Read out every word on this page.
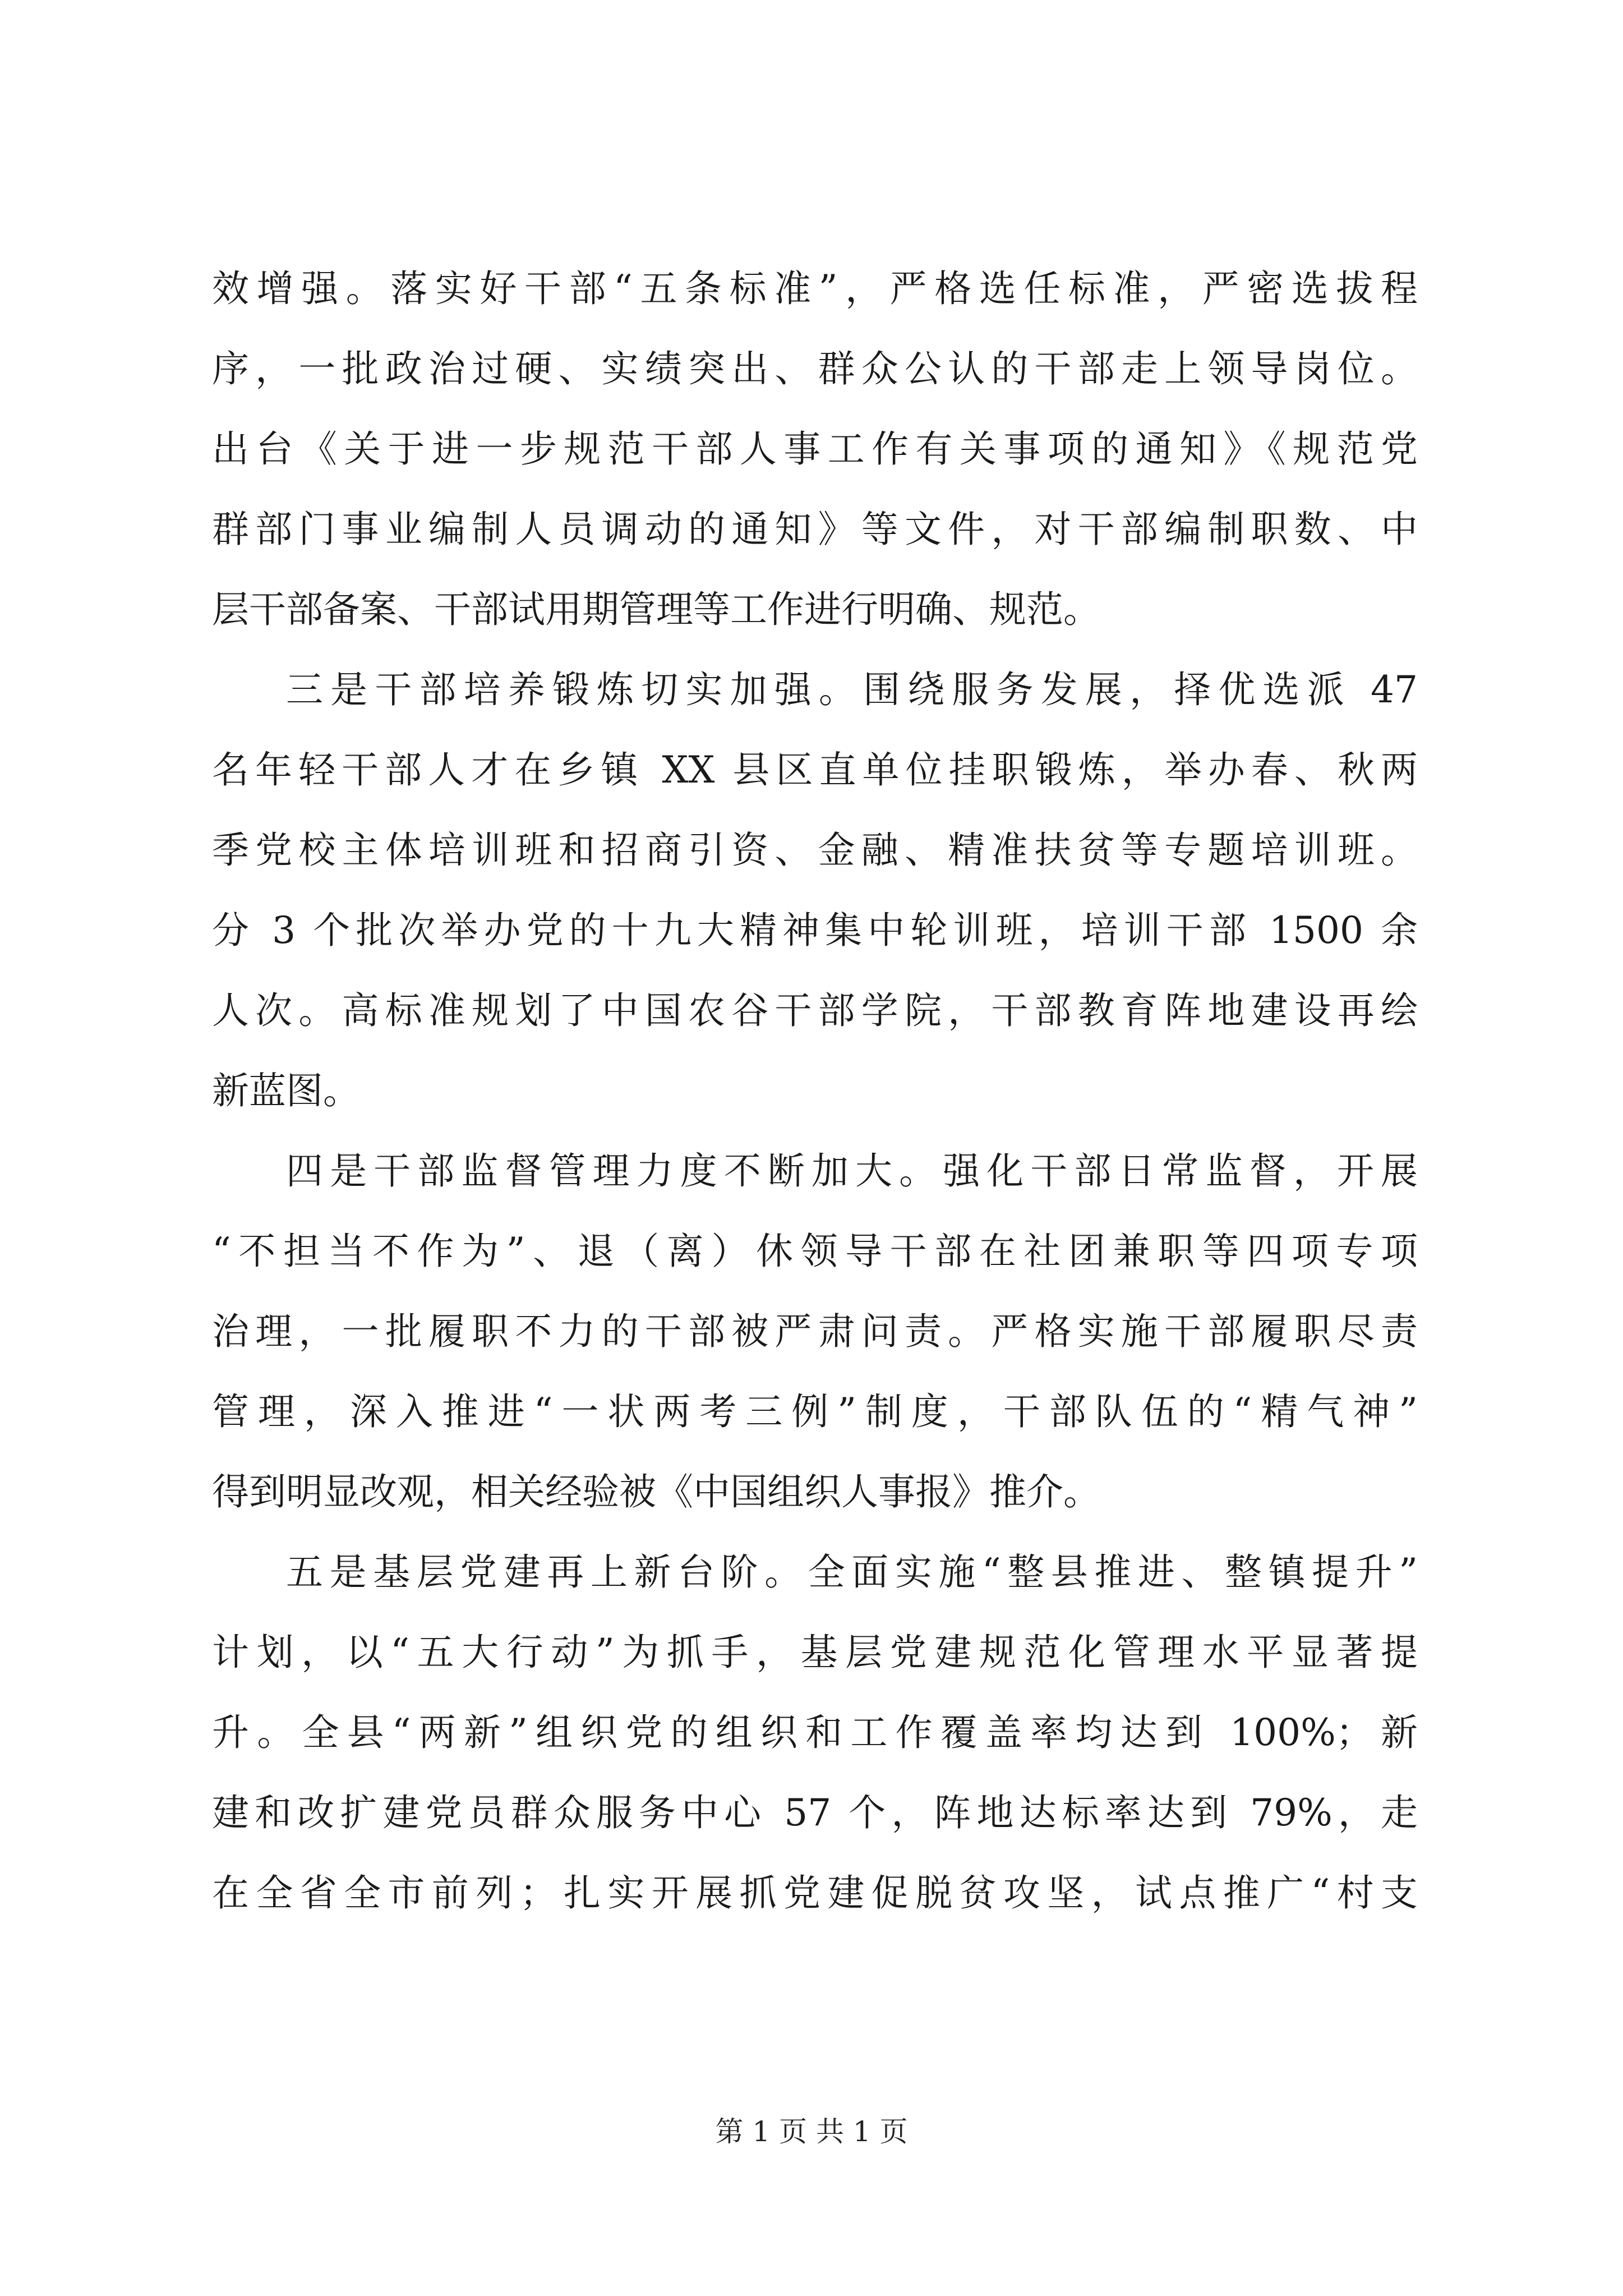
效增强。落实好干部“五条标准”，严格选任标准，严密选拔程
序，一批政治过硬、实绩突出、群众公认的干部走上领导岗位。
出台《关于进一步规范干部人事工作有关事项的通知》《规范党
群部门事业编制人员调动的通知》等文件，对干部编制职数、中
层干部备案、干部试用期管理等工作进行明确、规范。
三是干部培养锻炼切实加强。围绕服务发展，择优选派 47
名年轻干部人才在乡镇 XX 县区直单位挂职锻炼，举办春、秋两
季党校主体培训班和招商引资、金融、精准扶贫等专题培训班。
分 3 个批次举办党的十九大精神集中轮训班，培训干部 1500 余
人次。高标准规划了中国农谷干部学院，干部教育阵地建设再绘
新蓝图。
四是干部监督管理力度不断加大。强化干部日常监督，开展
“不担当不作为”、退（离）休领导干部在社团兼职等四项专项
治理，一批履职不力的干部被严肃问责。严格实施干部履职尽责
管理，深入推进“一状两考三例”制度，干部队伍的“精气神”
得到明显改观，相关经验被《中国组织人事报》推介。
五是基层党建再上新台阶。全面实施“整县推进、整镇提升”
计划，以“五大行动”为抓手，基层党建规范化管理水平显著提
升。全县“两新”组织党的组织和工作覆盖率均达到 100%；新
建和改扩建党员群众服务中心 57 个，阵地达标率达到 79%，走
在全省全市前列；扎实开展抓党建促脱贫攻坚，试点推广“村支
第 1 页 共 1 页
